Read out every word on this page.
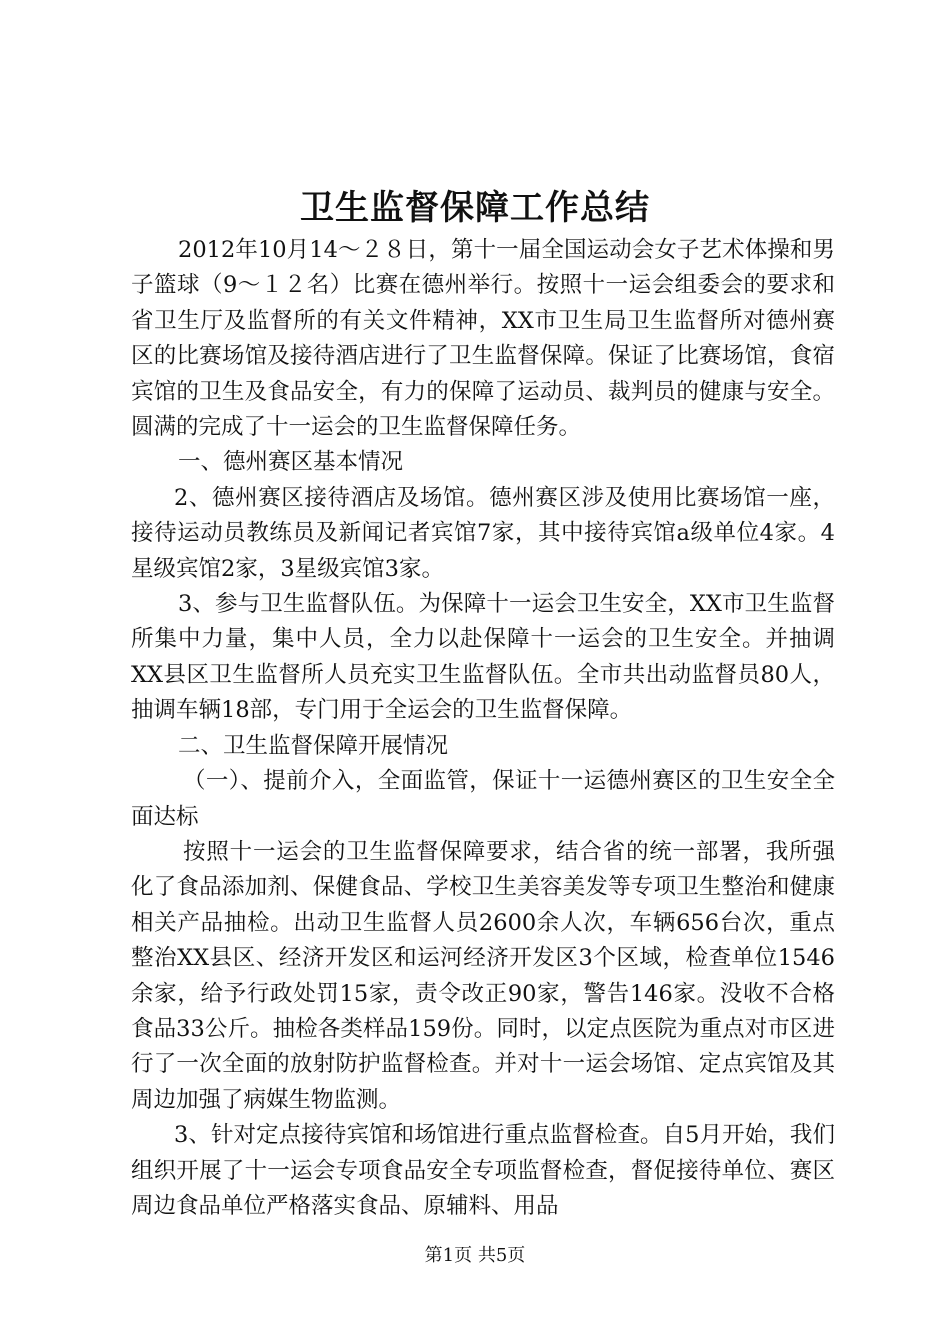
卫生监督保障工作总结

2012年10月14～２８日，第十一届全国运动会女子艺术体操和男子篮球（9～１２名）比赛在德州举行。按照十一运会组委会的要求和省卫生厅及监督所的有关文件精神，XX市卫生局卫生监督所对德州赛区的比赛场馆及接待酒店进行了卫生监督保障。保证了比赛场馆，食宿宾馆的卫生及食品安全，有力的保障了运动员、裁判员的健康与安全。圆满的完成了十一运会的卫生监督保障任务。

一、德州赛区基本情况

2、德州赛区接待酒店及场馆。德州赛区涉及使用比赛场馆一座，接待运动员教练员及新闻记者宾馆7家，其中接待宾馆a级单位4家。4星级宾馆2家，3星级宾馆3家。

3、参与卫生监督队伍。为保障十一运会卫生安全，XX市卫生监督所集中力量，集中人员，全力以赴保障十一运会的卫生安全。并抽调XX县区卫生监督所人员充实卫生监督队伍。全市共出动监督员80人，抽调车辆18部，专门用于全运会的卫生监督保障。

二、卫生监督保障开展情况

（一）、提前介入，全面监管，保证十一运德州赛区的卫生安全全面达标

按照十一运会的卫生监督保障要求，结合省的统一部署，我所强化了食品添加剂、保健食品、学校卫生美容美发等专项卫生整治和健康相关产品抽检。出动卫生监督人员2600余人次，车辆656台次，重点整治XX县区、经济开发区和运河经济开发区3个区域，检查单位1546余家，给予行政处罚15家，责令改正90家，警告146家。没收不合格食品33公斤。抽检各类样品159份。同时，以定点医院为重点对市区进行了一次全面的放射防护监督检查。并对十一运会场馆、定点宾馆及其周边加强了病媒生物监测。

3、针对定点接待宾馆和场馆进行重点监督检查。自5月开始，我们组织开展了十一运会专项食品安全专项监督检查，督促接待单位、赛区周边食品单位严格落实食品、原辅料、用品

第1页 共5页
